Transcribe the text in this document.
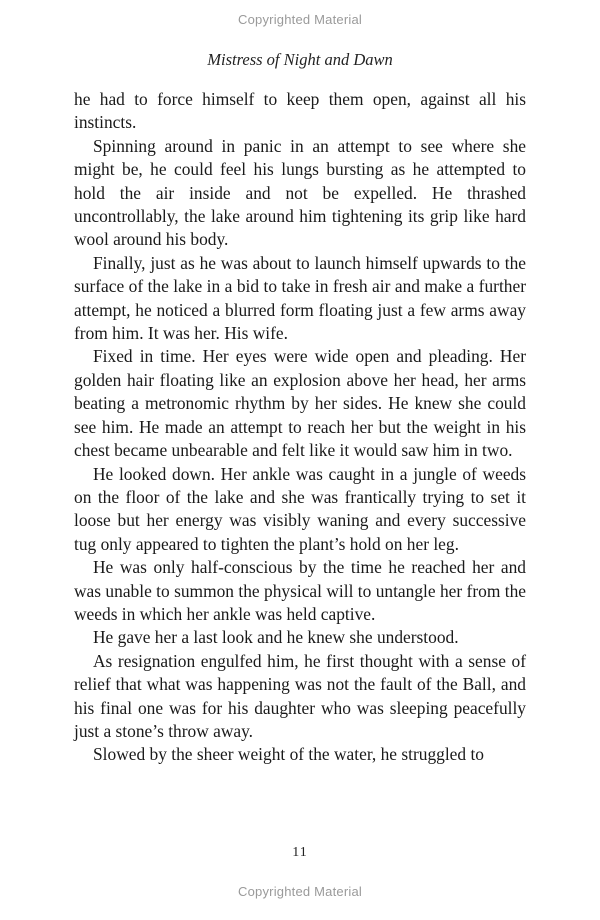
Copyrighted Material
Mistress of Night and Dawn

he had to force himself to keep them open, against all his instincts.

Spinning around in panic in an attempt to see where she might be, he could feel his lungs bursting as he attempted to hold the air inside and not be expelled. He thrashed uncontrollably, the lake around him tightening its grip like hard wool around his body.

Finally, just as he was about to launch himself upwards to the surface of the lake in a bid to take in fresh air and make a further attempt, he noticed a blurred form floating just a few arms away from him. It was her. His wife.

Fixed in time. Her eyes were wide open and pleading. Her golden hair floating like an explosion above her head, her arms beating a metronomic rhythm by her sides. He knew she could see him. He made an attempt to reach her but the weight in his chest became unbearable and felt like it would saw him in two.

He looked down. Her ankle was caught in a jungle of weeds on the floor of the lake and she was frantically trying to set it loose but her energy was visibly waning and every successive tug only appeared to tighten the plant’s hold on her leg.

He was only half-conscious by the time he reached her and was unable to summon the physical will to untangle her from the weeds in which her ankle was held captive.

He gave her a last look and he knew she understood.

As resignation engulfed him, he first thought with a sense of relief that what was happening was not the fault of the Ball, and his final one was for his daughter who was sleeping peacefully just a stone’s throw away.

Slowed by the sheer weight of the water, he struggled to

11
Copyrighted Material
